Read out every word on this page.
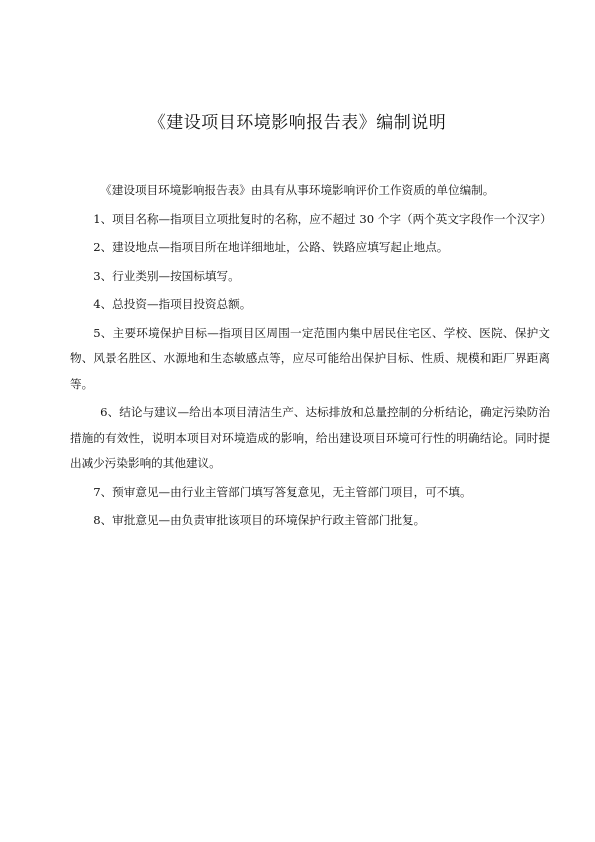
《建设项目环境影响报告表》编制说明

《建设项目环境影响报告表》由具有从事环境影响评价工作资质的单位编制。

1、项目名称—指项目立项批复时的名称，应不超过 30 个字（两个英文字段作一个汉字）

2、建设地点—指项目所在地详细地址，公路、铁路应填写起止地点。

3、行业类别—按国标填写。

4、总投资—指项目投资总额。

5、主要环境保护目标—指项目区周围一定范围内集中居民住宅区、学校、医院、保护文物、风景名胜区、水源地和生态敏感点等，应尽可能给出保护目标、性质、规模和距厂界距离等。

6、结论与建议—给出本项目清洁生产、达标排放和总量控制的分析结论，确定污染防治措施的有效性，说明本项目对环境造成的影响，给出建设项目环境可行性的明确结论。同时提出减少污染影响的其他建议。

7、预审意见—由行业主管部门填写答复意见，无主管部门项目，可不填。

8、审批意见—由负责审批该项目的环境保护行政主管部门批复。
